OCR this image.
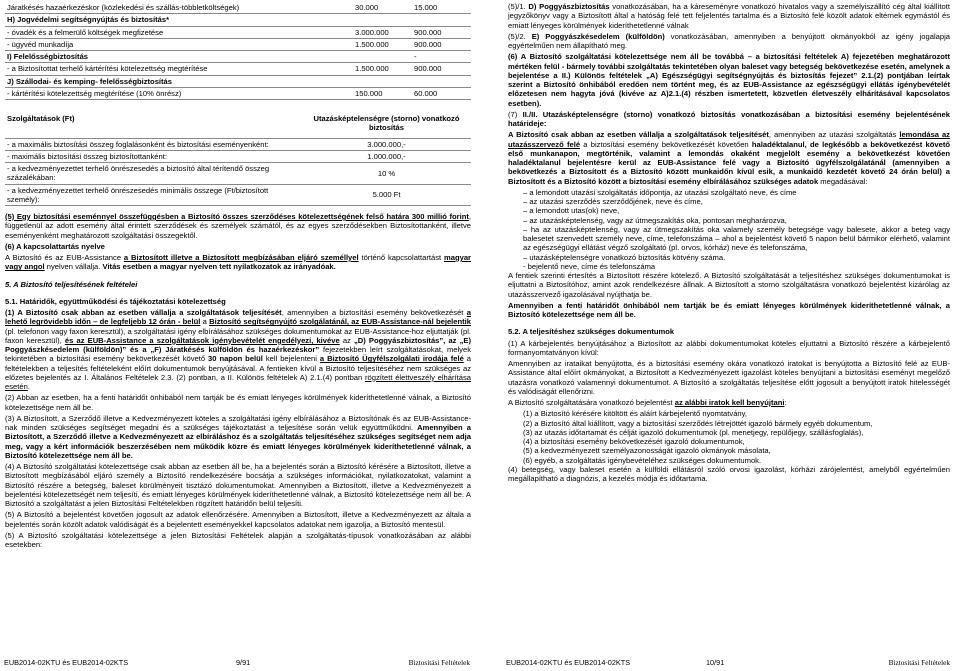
Járatkésés hazaérkezéskor (közlekedési és szállás-többletköltségek)	30.000	15.000
H) Jogvédelmi segítségnyújtás és biztosítás*		
- óvadék és a felmerülő költségek megfizetése	3.000.000	900.000
- ügyvéd munkadíja	1.500.000	900.000
I) Felelősségbiztosítás		-
- a Biztosítottat terhelő kártérítési kötelezettség megtérítése	1.500.000	900.000
J) Szállodai- és kemping- felelősségbiztosítás		
- kártérítési kötelezettség megtérítése (10% önrész)	150.000	60.000
Szolgáltatások (Ft)	Utazásképtelenségre (storno) vonatkozó biztosítás
- a maximális biztosítási összeg foglalásonként és biztosítási eseményenként:	3.000.000,-
- maximális biztosítási összeg biztosítottanként:	1.000.000,-
- a kedvezményezettet terhelő önrészesedés a biztosító által térítendő összeg százalékában:	10 %
- a kedvezményezettet terhelő önrészesedés minimális összege (Ft/biztosított személy):	5.000 Ft

(5) Egy biztosítási eseménnyel összefüggésben a Biztosító összes szerződéses kötelezettségének felső határa 300 millió forint, függetlenül az adott esemény által érintett szerződések és személyek számától, és az egyes szerződésekben Biztosítottanként, illetve eseményenként meghatározott szolgáltatási összegektől.

(6) A kapcsolattartás nyelve

A Biztosító és az EUB-Assistance a Biztosított illetve a Biztosított megbízásában eljáró személlyel történő kapcsolattartást magyar vagy angol nyelven vállalja. Vitás esetben a magyar nyelven tett nyilatkozatok az irányadóak.

5. A Biztosító teljesítésének feltételei

5.1. Határidők, együttműködési és tájékoztatási kötelezettség

(1) A Biztosító csak abban az esetben vállalja a szolgáltatások teljesítését, amennyiben a biztosítási esemény bekövetkezését a lehető legrövidebb időn – de legfeljebb 12 órán - belül a Biztosító segítségnyújtó szolgálatánál, az EUB-Assistance-nál bejelentik (pl. telefonon vagy faxon keresztül), a szolgáltatási igény elbírálásához szükséges dokumentumokat az EUB-Assistance-hoz eljuttatják (pl. faxon keresztül), és az EUB-Assistance a szolgáltatások igénybevételét engedélyezi, kivéve az „D) Poggyászbiztosítás”, az „E) Poggyászkésedelem (külföldön)” és a „F) Járatkésés külföldön és hazaérkezéskor” fejezetekben leírt szolgáltatásokat, melyek tekintetében a biztosítási esemény bekövetkezését követő 30 napon belül kell bejelenteni a Biztosító Ügyfélszolgálati irodája felé a feltételekben a teljesítés feltételeként előírt dokumentumok benyújtásával. A fentieken kívül a Biztosító teljesítéséhez nem szükséges az előzetes bejelentés az I. Általános Feltételek 2.3. (2) pontban, a II. Különös feltételek A) 2.1.(4) pontban rögzített élettveszély elhárítása esetén.

(2) Abban az esetben, ha a fenti határidőt önhibából nem tartják be és emiatt lényeges körülmények kideríthetetlenné válnak, a Biztosító kötelezettsége nem áll be.

(3) A Biztosított, a Szerződő illetve a Kedvezményezett köteles a szolgáltatási igény elbírálásához a Biztosítónak és az EUB-Assistance-nak minden szükséges segítséget megadni és a szükséges tájékoztatást a teljesítése során velük együttműködni. Amennyiben a Biztosított, a Szerződő illetve a Kedvezményezett az elbíráláshoz és a szolgáltatás teljesítéséhez szükséges segítséget nem adja meg, vagy a kért információk beszerzésében nem működik közre és emiatt lényeges körülmények kideríthetetlenné válnak, a Biztosító kötelezettsége nem áll be.

(4) A Biztosító szolgáltatási kötelezettsége csak abban az esetben áll be, ha a bejelentés során a Biztosító kérésére a Biztosított, illetve a Biztosított megbízásából eljáró személy a Biztosító rendelkezésére bocsátja a szükséges információkat, nyilatkozatokat, valamint a Biztosító részére a betegség, baleset körülményeit tisztázó dokumentumokat. Amennyiben a Biztosított, illetve a Kedvezményezett a bejelentési kötelezettségét nem teljesíti, és emiatt lényeges körülmények kideríthetetlenné válnak, a Biztosító kötelezettsége nem áll be. A Biztosító a szolgáltatást a jelen Biztosítási Feltételekben rögzített határidőn belül teljesíti.

(5) A Biztosító a bejelentést követően jogosult az adatok ellenőrzésére. Amennyiben a Biztosított, illetve a Kedvezményezett az általa a bejelentés során közölt adatok valódiságát és a bejelentett eseményekkel kapcsolatos adatokat nem igazolja, a Biztosító mentesül.

(5) A Biztosító szolgáltatási kötelezettsége a jelen Biztosítási Feltételek alapján a szolgáltatás-típusok vonatkozásában az alábbi esetekben:

EUB2014-02KTU és EUB2014-02KTS	9/91	Biztosítási Feltételek

(5)/1. D) Poggyászbiztosítás vonatkozásában, ha a káreseményre vonatkozó hivatalos vagy a személyiszállító cég által kiállított jegyzőkönyv vagy a Biztosított által a hatóság felé tett feljelentés tartalma és a Biztosító felé közölt adatok eltérnek egymástól és emiatt lényeges körülmények kideríthetetlenné válnak

(5)/2. E) Poggyászkésedelem (külföldön) vonatkozásában, amennyiben a benyújtott okmányokból az igény jogalapja egyértelműen nem állapítható meg.

(6) A Biztosító szolgáltatási kötelezettsége nem áll be továbbá – a biztosítási feltételek A) fejezetében meghatározott mértéken felül - bármely további szolgáltatás tekintetében olyan baleset vagy betegség bekövetkezése esetén, amelynek a bejelentése a II.) Különös feltételek „A) Egészségügyi segítségnyújtás és biztosítás fejezet” 2.1.(2) pontjában leírtak szerint a Biztosító önhibából eredően nem történt meg, és az EUB-Assistance az egészségügyi ellátás igénybevételét előzetesen nem hagyta jóvá (kivéve az A)2.1.(4) részben ismertetett, közvetlen életveszély elhárításával kapcsolatos esetben).

(7) II./II. Utazásképtelenségre (storno) vonatkozó biztosítás vonatkozásában a biztosítási esemény bejelentésének határideje:

A Biztosító csak abban az esetben vállalja a szolgáltatások teljesítését, amennyiben az utazási szolgáltatás lemondása az utazásszervező felé a biztosítási esemény bekövetkezését követően haladéktalanul, de legkésőbb a bekövetkezést követő első munkanapon, megtörténik, valamint a lemondás okaként megjelölt esemény a bekövetkezést követően haladéktalanul bejelentésre kerül az EUB-Assistance felé vagy a Biztosító ügyfélszolgálatánál (amennyiben a bekövetkezés a Biztosított és a Biztosító között munkaidőn kívül esik, a munkaidő kezdetét követő 24 órán belül) a Biztosított és a Biztosító között a biztosítási esemény elbírálásához szükséges adatok megadásával:

– a lemondott utazási szolgáltatás időpontja, az utazási szolgáltató neve, és címe

– az utazási szerződés szerződőjének, neve és címe,

– a lemondott utas(ok) neve,

– az utazásképtelenség, vagy az útmegszakítás oka, pontosan megharározva,

– ha az utazásképtelenség, vagy az útmegszakítás oka valamely személy betegsége vagy balesete, akkor a beteg vagy balesetet szenvedett személy neve, címe, telefonszáma – ahol a bejelentést követő 5 napon belül bármikor elérhető, valamint az egészségügyi ellátást végző szolgáltató (pl. orvos, kórház) neve és telefonszáma,

– utazásképtelenségre vonatkozó biztosítás kötvény száma.

- bejelentő neve, címe és telefonszáma

A fentiek szerinti értesítés a Biztosított részére kötelező. A Biztosító szolgáltatását a teljesítéshez szükséges dokumentumokat is eljuttatni a Biztosítóhoz, amint azok rendelkezésre állnak. A Biztosított a storno szolgáltatásra vonatkozó bejelentést kizárólag az utazásszervező igazolásával nyújthatja be.

Amennyiben a fenti határidőt önhibából nem tartják be és emiatt lényeges körülmények kideríthetetlenné válnak, a Biztosító kötelezettsége nem áll be.

5.2. A teljesítéshez szükséges dokumentumok

(1) A kárbejelentés benyújtásához a Biztosított az alábbi dokumentumokat köteles eljuttatni a Biztosító részére a kárbejelentő formanyomtatványon kívül:

Amennyiben az irataikat benyújtotta, és a biztosítási esemény okára vonatkozó iratokat is benyújtotta a Biztosító felé az EUB-Assistance által előírt okmányokat, a Biztosított a Kedvezményezett igazolást köteles benyújtani a biztosítási eseményt megelőző utazásra vonatkozó valamennyi dokumentumot. A Biztosító a szolgáltatás teljesítése előtt jogosult a benyújtott iratok hitelességét és valódiságát ellenőrizni.

A Biztosító szolgáltatására vonatkozó bejelentést az alábbi iratok kell benyújtani:

(1) a Biztosító kérésére kitöltött és aláírt kárbejelentő nyomtatvány,

(2) a Biztosító által kiállított, vagy a biztosítási szerződés létrejöttét igazoló bármely egyéb dokumentum,

(3) az utazás időtartamát és célját igazoló dokumentumok (pl. menetjegy, repülőjegy, szállásfoglalás),

(4) a biztosítási esemény bekövetkezését igazoló dokumentumok,

(5) a kedvezményezett személyazonosságát igazoló okmányok másolata,

(6) egyéb, a szolgáltatás igénybevételéhez szükséges dokumentumok.

(4) betegség, vagy baleset esetén a külföldi ellátásról szóló orvosi igazolást, kórházi zárójelentést, amelyből egyértelműen megállapítható a diagnózis, a kezelés módja és időtartama.

EUB2014-02KTU és EUB2014-02KTS	10/91	Biztosítási Feltételek
